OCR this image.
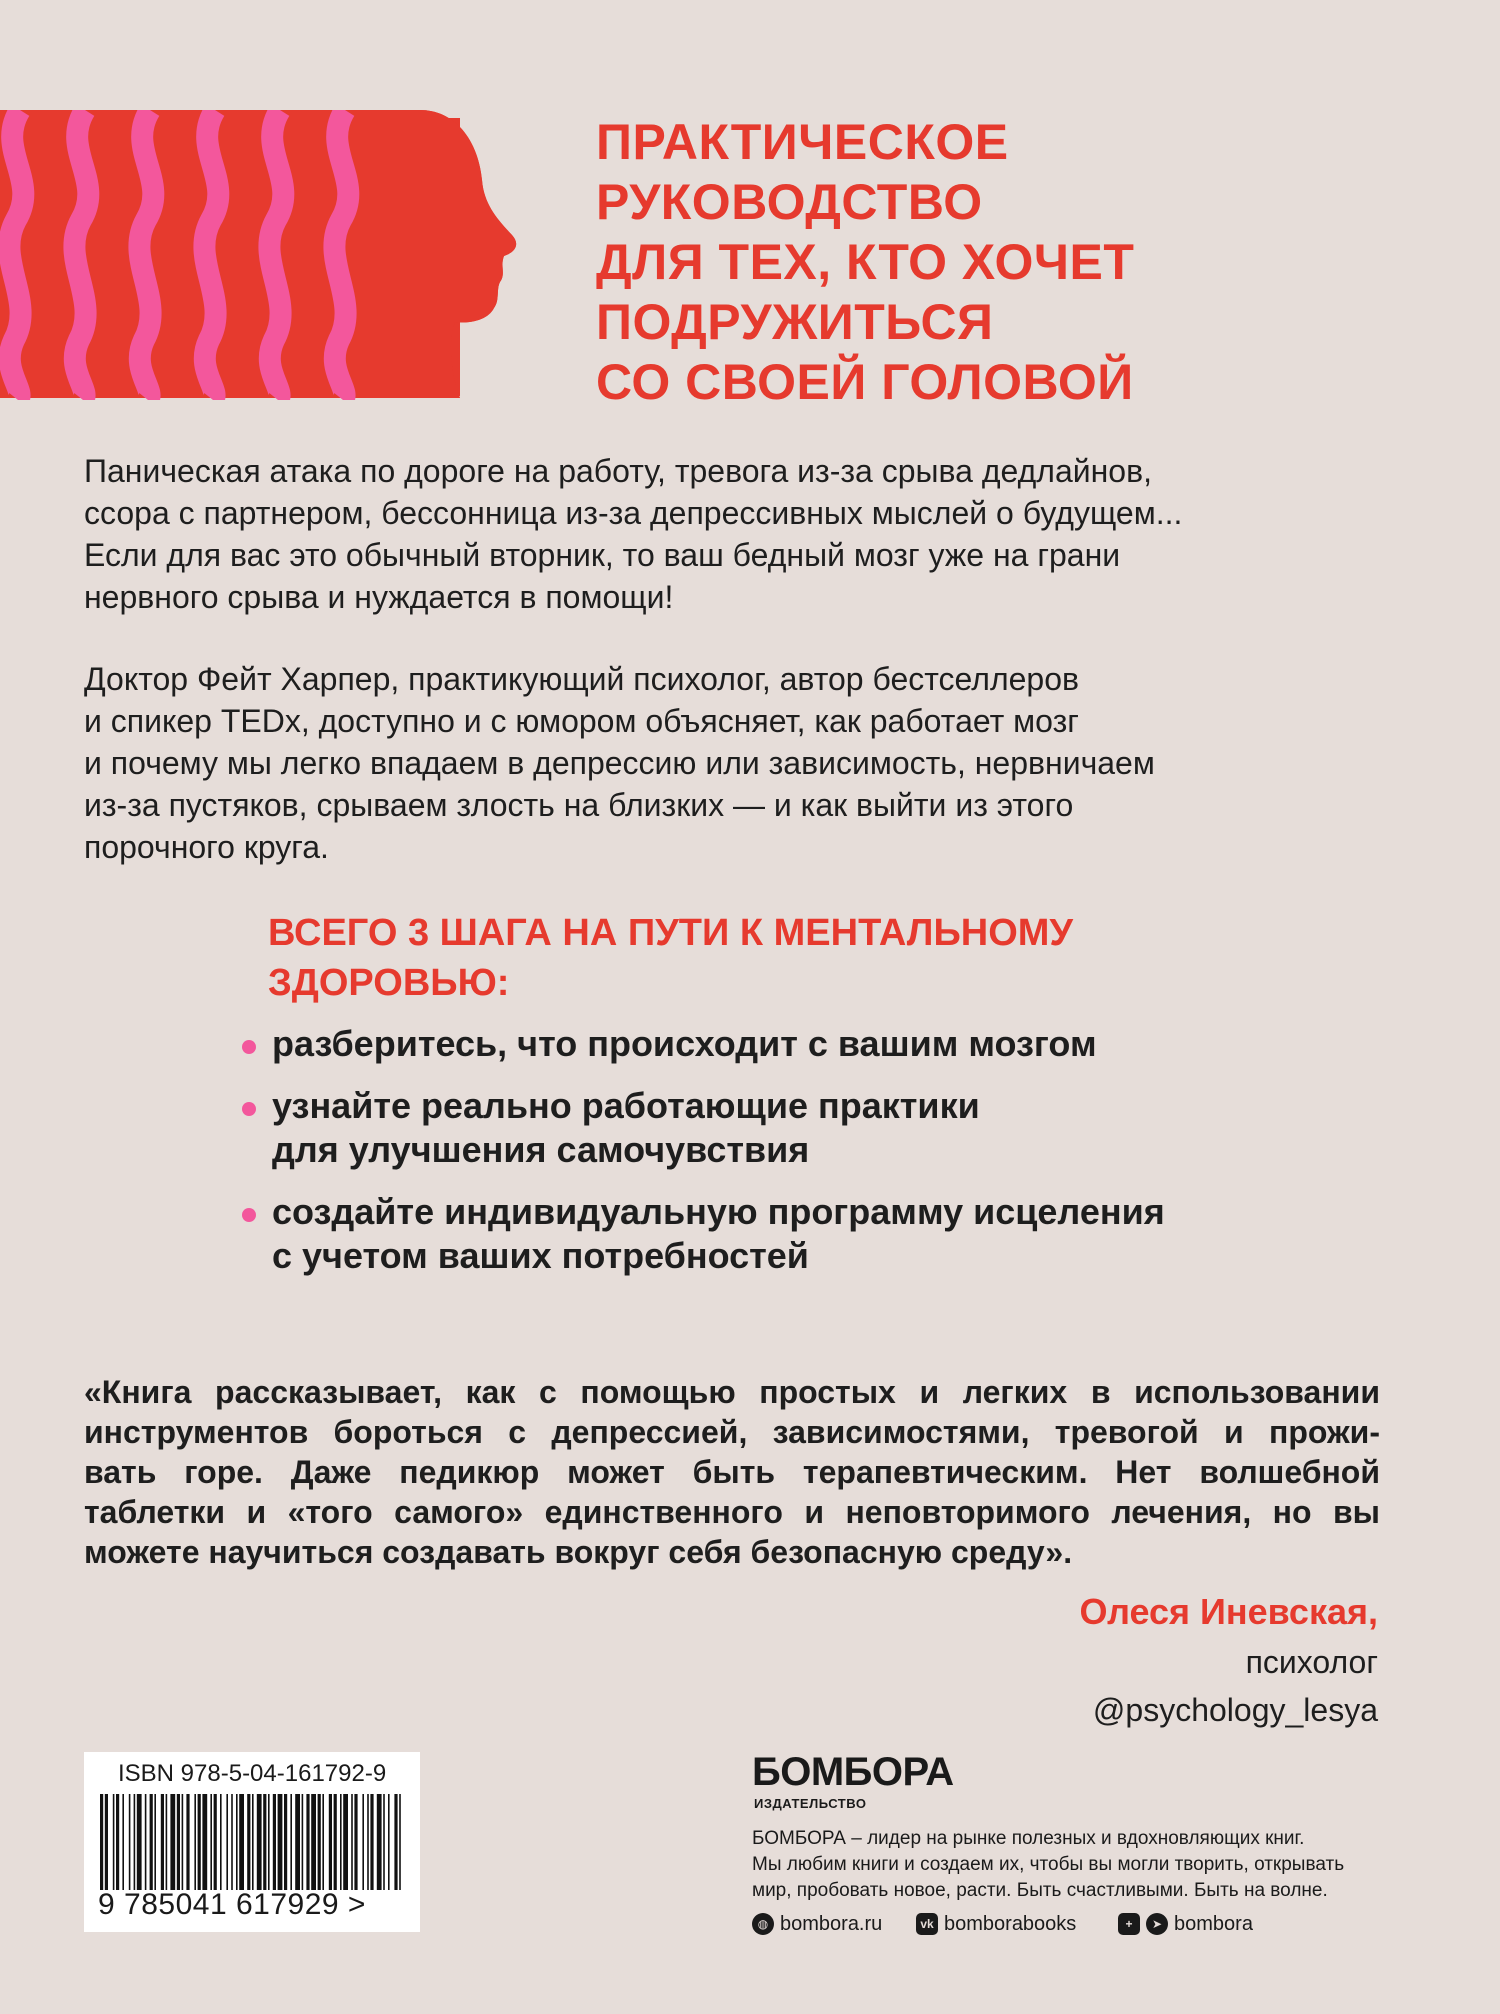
ПРАКТИЧЕСКОЕ
РУКОВОДСТВО
ДЛЯ ТЕХ, КТО ХОЧЕТ
ПОДРУЖИТЬСЯ
СО СВОЕЙ ГОЛОВОЙ
Паническая атака по дороге на работу, тревога из-за срыва дедлайнов,
ссора с партнером, бессонница из-за депрессивных мыслей о будущем...
Если для вас это обычный вторник, то ваш бедный мозг уже на грани
нервного срыва и нуждается в помощи!
Доктор Фейт Харпер, практикующий психолог, автор бестселлеров
и спикер TEDx, доступно и с юмором объясняет, как работает мозг
и почему мы легко впадаем в депрессию или зависимость, нервничаем
из-за пустяков, срываем злость на близких — и как выйти из этого
порочного круга.
ВСЕГО 3 ШАГА НА ПУТИ К МЕНТАЛЬНОМУ
ЗДОРОВЬЮ:
разберитесь, что происходит с вашим мозгом
узнайте реально работающие практики
для улучшения самочувствия
создайте индивидуальную программу исцеления
с учетом ваших потребностей
«Книга рассказывает, как с помощью простых и легких в использовании
инструментов бороться с депрессией, зависимостями, тревогой и прожи-
вать горе. Даже педикюр может быть терапевтическим. Нет волшебной
таблетки и «того самого» единственного и неповторимого лечения, но вы
можете научиться создавать вокруг себя безопасную среду».
Олеся Иневская,
психолог
@psychology_lesya
ISBN 978-5-04-161792-9
9 785041 617929 >
БОМБОРА
ИЗДАТЕЛЬСТВО
БОМБОРА – лидер на рынке полезных и вдохновляющих книг.
Мы любим книги и создаем их, чтобы вы могли творить, открывать
мир, пробовать новое, расти. Быть счастливыми. Быть на волне.
◍ bombora.ru	vk bomborabooks	+	➤ bombora
